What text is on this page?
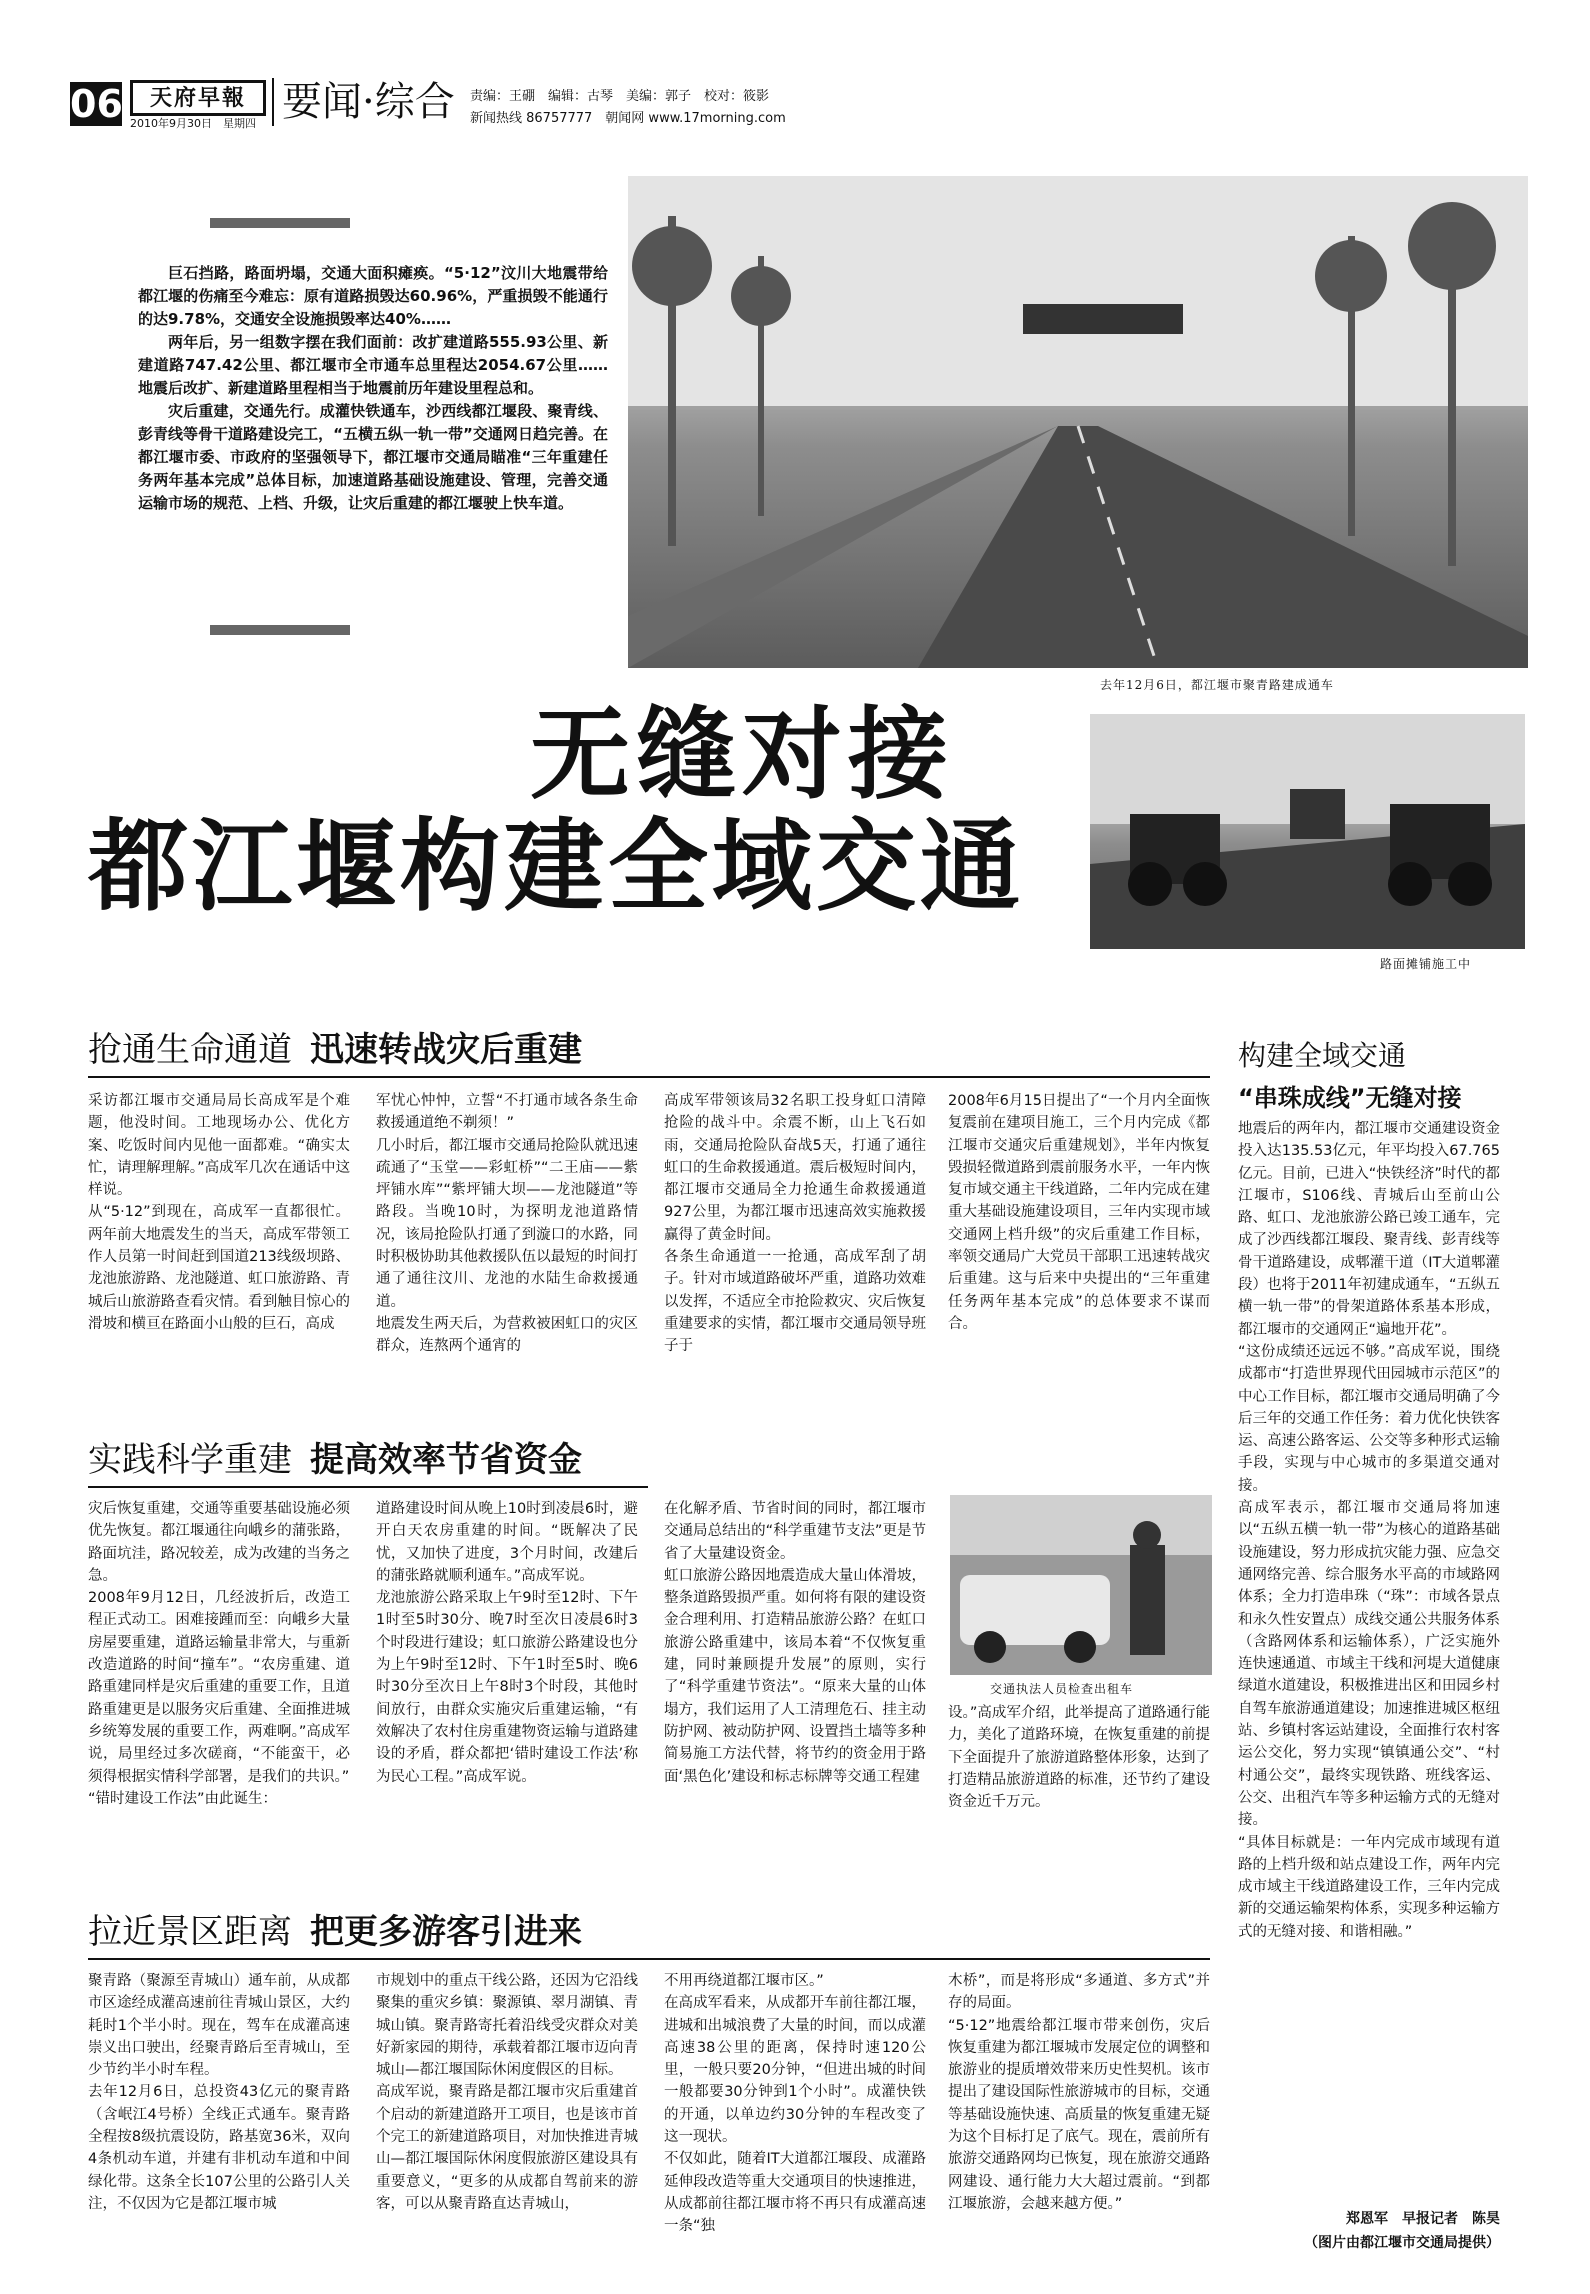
06	天府早報
2010年9月30日　星期四 要闻·综合 责编：王硼　编辑：古琴　美编：郭子　校对：筱影
新闻热线 86757777　朝闻网 www.17morning.com
去年12月6日，都江堰市聚青路建成通车

巨石挡路，路面坍塌，交通大面积瘫痪。“5·12”汶川大地震带给都江堰的伤痛至今难忘：原有道路损毁达60.96%，严重损毁不能通行的达9.78%，交通安全设施损毁率达40%……

两年后，另一组数字摆在我们面前：改扩建道路555.93公里、新建道路747.42公里、都江堰市全市通车总里程达2054.67公里……地震后改扩、新建道路里程相当于地震前历年建设里程总和。

灾后重建，交通先行。成灌快铁通车，沙西线都江堰段、聚青线、彭青线等骨干道路建设完工，“五横五纵一轨一带”交通网日趋完善。在都江堰市委、市政府的坚强领导下，都江堰市交通局瞄准“三年重建任务两年基本完成”总体目标，加速道路基础设施建设、管理，完善交通运输市场的规范、上档、升级，让灾后重建的都江堰驶上快车道。

无缝对接
都江堰构建全域交通
路面摊铺施工中
抢通生命通道 迅速转战灾后重建
采访都江堰市交通局局长高成军是个难题，他没时间。工地现场办公、优化方案、吃饭时间内见他一面都难。“确实太忙，请理解理解。”高成军几次在通话中这样说。
从“5·12”到现在，高成军一直都很忙。两年前大地震发生的当天，高成军带领工作人员第一时间赶到国道213线级坝路、龙池旅游路、龙池隧道、虹口旅游路、青城后山旅游路查看灾情。看到触目惊心的滑坡和横亘在路面小山般的巨石，高成
军忧心忡忡，立誓“不打通市域各条生命救援通道绝不剃须！”
几小时后，都江堰市交通局抢险队就迅速疏通了“玉堂——彩虹桥”“二王庙——紫坪铺水库”“紫坪铺大坝——龙池隧道”等路段。当晚10时，为探明龙池道路情况，该局抢险队打通了到漩口的水路，同时积极协助其他救援队伍以最短的时间打通了通往汶川、龙池的水陆生命救援通道。
地震发生两天后，为营救被困虹口的灾区群众，连熬两个通宵的
高成军带领该局32名职工投身虹口清障抢险的战斗中。余震不断，山上飞石如雨，交通局抢险队奋战5天，打通了通往虹口的生命救援通道。震后极短时间内，都江堰市交通局全力抢通生命救援通道927公里，为都江堰市迅速高效实施救援赢得了黄金时间。
各条生命通道一一抢通，高成军刮了胡子。针对市域道路破坏严重，道路功效难以发挥，不适应全市抢险救灾、灾后恢复重建要求的实情，都江堰市交通局领导班子于
2008年6月15日提出了“一个月内全面恢复震前在建项目施工，三个月内完成《都江堰市交通灾后重建规划》，半年内恢复毁损轻微道路到震前服务水平，一年内恢复市域交通主干线道路，二年内完成在建重大基础设施建设项目，三年内实现市域交通网上档升级”的灾后重建工作目标，率领交通局广大党员干部职工迅速转战灾后重建。这与后来中央提出的“三年重建任务两年基本完成”的总体要求不谋而合。
实践科学重建 提高效率节省资金
灾后恢复重建，交通等重要基础设施必须优先恢复。都江堰通往向峨乡的蒲张路，路面坑洼，路况较差，成为改建的当务之急。
2008年9月12日，几经波折后，改造工程正式动工。困难接踵而至：向峨乡大量房屋要重建，道路运输量非常大，与重新改造道路的时间“撞车”。“农房重建、道路重建同样是灾后重建的重要工作，且道路重建更是以服务灾后重建、全面推进城乡统筹发展的重要工作，两难啊。”高成军说，局里经过多次磋商，“不能蛮干，必须得根据实情科学部署，是我们的共识。”
“错时建设工作法”由此诞生：
道路建设时间从晚上10时到凌晨6时，避开白天农房重建的时间。“既解决了民忧，又加快了进度，3个月时间，改建后的蒲张路就顺利通车。”高成军说。
龙池旅游公路采取上午9时至12时、下午1时至5时30分、晚7时至次日凌晨6时3个时段进行建设；虹口旅游公路建设也分为上午9时至12时、下午1时至5时、晚6时30分至次日上午8时3个时段，其他时间放行，由群众实施灾后重建运输，“有效解决了农村住房重建物资运输与道路建设的矛盾，群众都把‘错时建设工作法’称为民心工程。”高成军说。
在化解矛盾、节省时间的同时，都江堰市交通局总结出的“科学重建节支法”更是节省了大量建设资金。
虹口旅游公路因地震造成大量山体滑坡，整条道路毁损严重。如何将有限的建设资金合理利用、打造精品旅游公路？在虹口旅游公路重建中，该局本着“不仅恢复重建，同时兼顾提升发展”的原则，实行了“科学重建节资法”。“原来大量的山体塌方，我们运用了人工清理危石、挂主动防护网、被动防护网、设置挡土墙等多种简易施工方法代替，将节约的资金用于路面‘黑色化’建设和标志标牌等交通工程建
交通执法人员检查出租车
设。”高成军介绍，此举提高了道路通行能力，美化了道路环境，在恢复重建的前提下全面提升了旅游道路整体形象，达到了打造精品旅游道路的标准，还节约了建设资金近千万元。
拉近景区距离 把更多游客引进来
聚青路（聚源至青城山）通车前，从成都市区途经成灌高速前往青城山景区，大约耗时1个半小时。现在，驾车在成灌高速崇义出口驶出，经聚青路后至青城山，至少节约半小时车程。
去年12月6日，总投资43亿元的聚青路（含岷江4号桥）全线正式通车。聚青路全程按8级抗震设防，路基宽36米，双向4条机动车道，并建有非机动车道和中间绿化带。这条全长107公里的公路引人关注，不仅因为它是都江堰市城
市规划中的重点干线公路，还因为它沿线聚集的重灾乡镇：聚源镇、翠月湖镇、青城山镇。聚青路寄托着沿线受灾群众对美好新家园的期待，承载着都江堰市迈向青城山—都江堰国际休闲度假区的目标。
高成军说，聚青路是都江堰市灾后重建首个启动的新建道路开工项目，也是该市首个完工的新建道路项目，对加快推进青城山—都江堰国际休闲度假旅游区建设具有重要意义，“更多的从成都自驾前来的游客，可以从聚青路直达青城山，
不用再绕道都江堰市区。”
在高成军看来，从成都开车前往都江堰，进城和出城浪费了大量的时间，而以成灌高速38公里的距离，保持时速120公里，一般只要20分钟，“但进出城的时间一般都要30分钟到1个小时”。成灌快铁的开通，以单边约30分钟的车程改变了这一现状。
不仅如此，随着IT大道都江堰段、成灌路延伸段改造等重大交通项目的快速推进，从成都前往都江堰市将不再只有成灌高速一条“独
木桥”，而是将形成“多通道、多方式”并存的局面。
“5·12”地震给都江堰市带来创伤，灾后恢复重建为都江堰城市发展定位的调整和旅游业的提质增效带来历史性契机。该市提出了建设国际性旅游城市的目标，交通等基础设施快速、高质量的恢复重建无疑为这个目标打足了底气。现在，震前所有旅游交通路网均已恢复，现在旅游交通路网建设、通行能力大大超过震前。“到都江堰旅游，会越来越方便。”
构建全域交通
“串珠成线”无缝对接
地震后的两年内，都江堰市交通建设资金投入达135.53亿元，年平均投入67.765亿元。目前，已进入“快铁经济”时代的都江堰市，S106线、青城后山至前山公路、虹口、龙池旅游公路已竣工通车，完成了沙西线都江堰段、聚青线、彭青线等骨干道路建设，成郫灌干道（IT大道郫灌段）也将于2011年初建成通车，“五纵五横一轨一带”的骨架道路体系基本形成，都江堰市的交通网正“遍地开花”。
“这份成绩还远远不够。”高成军说，围绕成都市“打造世界现代田园城市示范区”的中心工作目标，都江堰市交通局明确了今后三年的交通工作任务：着力优化快铁客运、高速公路客运、公交等多种形式运输手段，实现与中心城市的多渠道交通对接。
高成军表示，都江堰市交通局将加速以“五纵五横一轨一带”为核心的道路基础设施建设，努力形成抗灾能力强、应急交通网络完善、综合服务水平高的市域路网体系；全力打造串珠（“珠”：市域各景点和永久性安置点）成线交通公共服务体系（含路网体系和运输体系），广泛实施外连快速通道、市域主干线和河堤大道健康绿道水道建设，积极推进出区和田园乡村自驾车旅游通道建设；加速推进城区枢纽站、乡镇村客运站建设，全面推行农村客运公交化，努力实现“镇镇通公交”、“村村通公交”，最终实现铁路、班线客运、公交、出租汽车等多种运输方式的无缝对接。
“具体目标就是：一年内完成市域现有道路的上档升级和站点建设工作，两年内完成市域主干线道路建设工作，三年内完成新的交通运输架构体系，实现多种运输方式的无缝对接、和谐相融。”
郑恩军　早报记者　陈昊
（图片由都江堰市交通局提供）
